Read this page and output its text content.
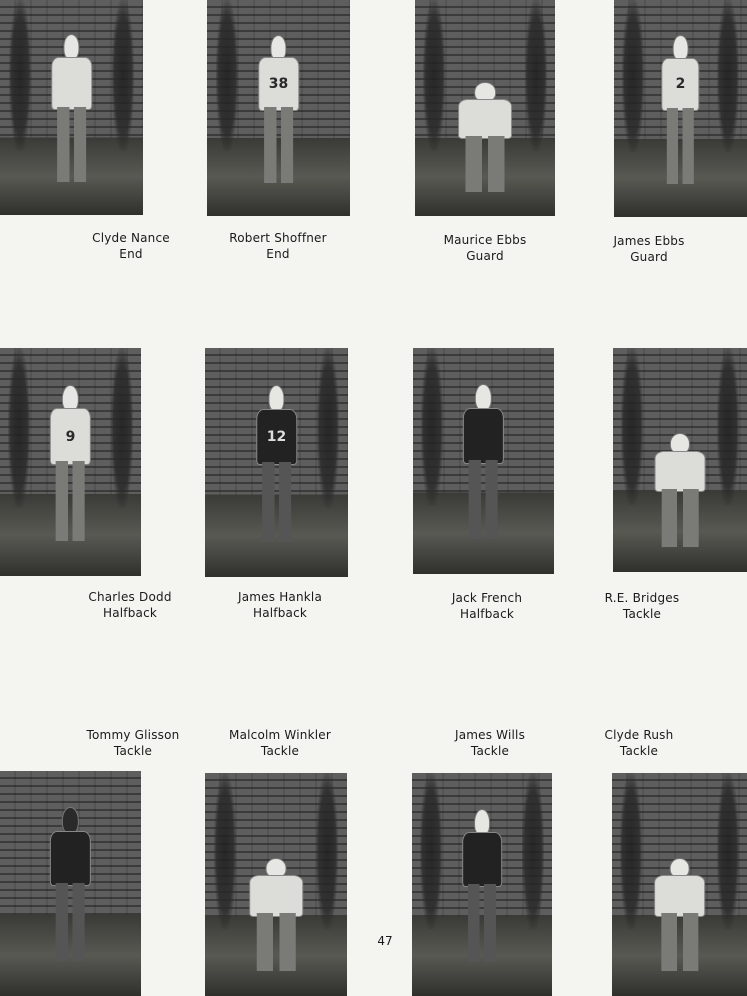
38	2
Clyde Nance
End
Robert Shoffner
End
Maurice Ebbs
Guard
James Ebbs
Guard
9	12
Charles Dodd
Halfback
James Hankla
Halfback
Jack French
Halfback
R.E. Bridges
Tackle
Tommy Glisson
Tackle
Malcolm Winkler
Tackle
James Wills
Tackle
Clyde Rush
Tackle
47
